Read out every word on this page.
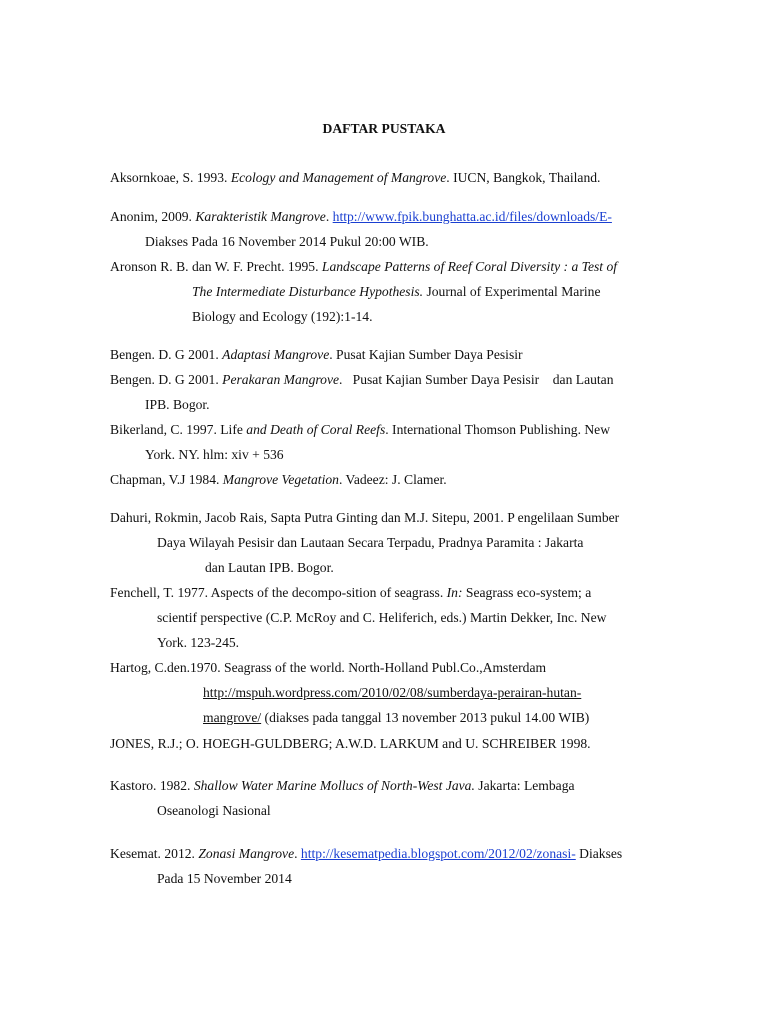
DAFTAR PUSTAKA
Aksornkoae, S. 1993. Ecology and Management of Mangrove. IUCN, Bangkok, Thailand.
Anonim, 2009. Karakteristik Mangrove. http://www.fpik.bunghatta.ac.id/files/downloads/E-
Diakses Pada 16 November 2014 Pukul 20:00 WIB.
Aronson R. B. dan W. F. Precht. 1995. Landscape Patterns of Reef Coral Diversity : a Test of
The Intermediate Disturbance Hypothesis. Journal of Experimental Marine
Biology and Ecology (192):1-14.
Bengen. D. G 2001. Adaptasi Mangrove. Pusat Kajian Sumber Daya Pesisir
Bengen. D. G 2001. Perakaran Mangrove.   Pusat Kajian Sumber Daya Pesisir    dan Lautan
IPB. Bogor.
Bikerland, C. 1997. Life and Death of Coral Reefs. International Thomson Publishing. New
York. NY. hlm: xiv + 536
Chapman, V.J 1984. Mangrove Vegetation. Vadeez: J. Clamer.
Dahuri, Rokmin, Jacob Rais, Sapta Putra Ginting dan M.J. Sitepu, 2001. P engelilaan Sumber
Daya Wilayah Pesisir dan Lautaan Secara Terpadu, Pradnya Paramita : Jakarta
dan Lautan IPB. Bogor.
Fenchell, T. 1977. Aspects of the decompo-sition of seagrass. In: Seagrass eco-system; a
scientif perspective (C.P. McRoy and C. Heliferich, eds.) Martin Dekker, Inc. New
York. 123-245.
Hartog, C.den.1970. Seagrass of the world. North-Holland Publ.Co.,Amsterdam
http://mspuh.wordpress.com/2010/02/08/sumberdaya-perairan-hutan-
mangrove/ (diakses pada tanggal 13 november 2013 pukul 14.00 WIB)
JONES, R.J.; O. HOEGH-GULDBERG; A.W.D. LARKUM and U. SCHREIBER 1998.
Kastoro. 1982. Shallow Water Marine Mollucs of North-West Java. Jakarta: Lembaga
Oseanologi Nasional
Kesemat. 2012. Zonasi Mangrove. http://kesematpedia.blogspot.com/2012/02/zonasi- Diakses
Pada 15 November 2014
